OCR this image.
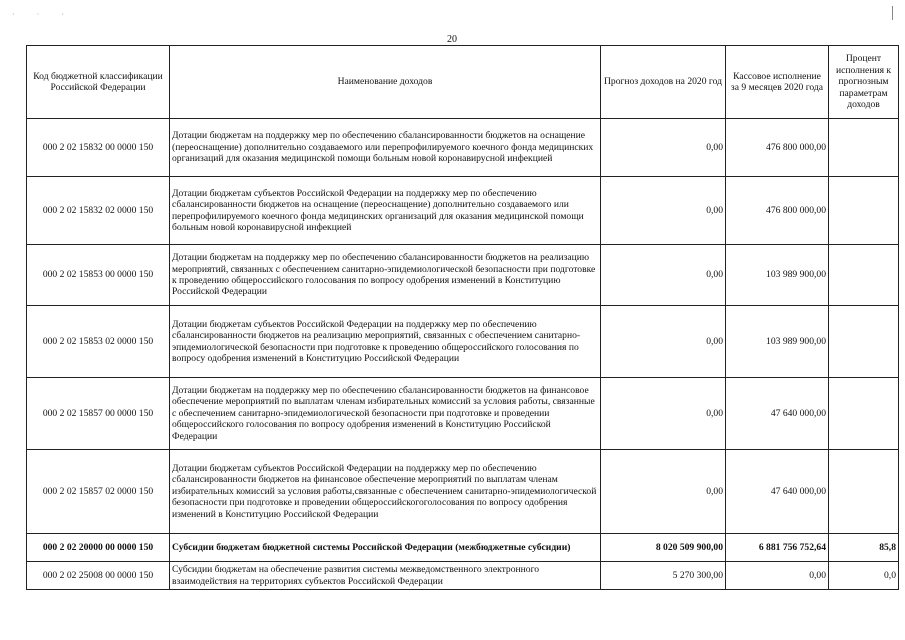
· · ·
20
Код бюджетной классификации Российской Федерации	Наименование доходов	Прогноз доходов на 2020 год	Кассовое исполнение за 9 месяцев 2020 года	Процент исполнения к прогнозным параметрам доходов
000 2 02 15832 00 0000 150	Дотации бюджетам на поддержку мер по обеспечению сбалансированности бюджетов на оснащение (переоснащение) дополнительно создаваемого или перепрофилируемого коечного фонда медицинских организаций для оказания медицинской помощи больным новой коронавирусной инфекцией	0,00	476 800 000,00	
000 2 02 15832 02 0000 150	Дотации бюджетам субъектов Российской Федерации на поддержку мер по обеспечению сбалансированности бюджетов на оснащение (переоснащение) дополнительно создаваемого или перепрофилируемого коечного фонда медицинских организаций для оказания медицинской помощи больным новой коронавирусной инфекцией	0,00	476 800 000,00	
000 2 02 15853 00 0000 150	Дотации бюджетам на поддержку мер по обеспечению сбалансированности бюджетов на реализацию мероприятий, связанных с обеспечением санитарно-эпидемиологической безопасности при подготовке к проведению общероссийского голосования по вопросу одобрения изменений в Конституцию Российской Федерации	0,00	103 989 900,00	
000 2 02 15853 02 0000 150	Дотации бюджетам субъектов Российской Федерации на поддержку мер по обеспечению сбалансированности бюджетов на реализацию мероприятий, связанных с обеспечением санитарно-эпидемиологической безопасности при подготовке к проведению общероссийского голосования по вопросу одобрения изменений в Конституцию Российской Федерации	0,00	103 989 900,00	
000 2 02 15857 00 0000 150	Дотации бюджетам на поддержку мер по обеспечению сбалансированности бюджетов на финансовое обеспечение мероприятий по выплатам членам избирательных комиссий за условия работы, связанные с обеспечением санитарно-эпидемиологической безопасности при подготовке и проведении общероссийского голосования по вопросу одобрения изменений в Конституцию Российской Федерации	0,00	47 640 000,00	
000 2 02 15857 02 0000 150	Дотации бюджетам субъектов Российской Федерации на поддержку мер по обеспечению сбалансированности бюджетов на финансовое обеспечение мероприятий по выплатам членам избирательных комиссий за условия работы,связанные с обеспечением санитарно-эпидемиологической безопасности при подготовке и проведении общероссийскогоголосования по вопросу одобрения изменений в Конституцию Российской Федерации	0,00	47 640 000,00	
000 2 02 20000 00 0000 150	Субсидии бюджетам бюджетной системы Российской Федерации (межбюджетные субсидии)	8 020 509 900,00	6 881 756 752,64	85,8
000 2 02 25008 00 0000 150	Субсидии бюджетам на обеспечение развития системы межведомственного электронного взаимодействия на территориях субъектов Российской Федерации	5 270 300,00	0,00	0,0
